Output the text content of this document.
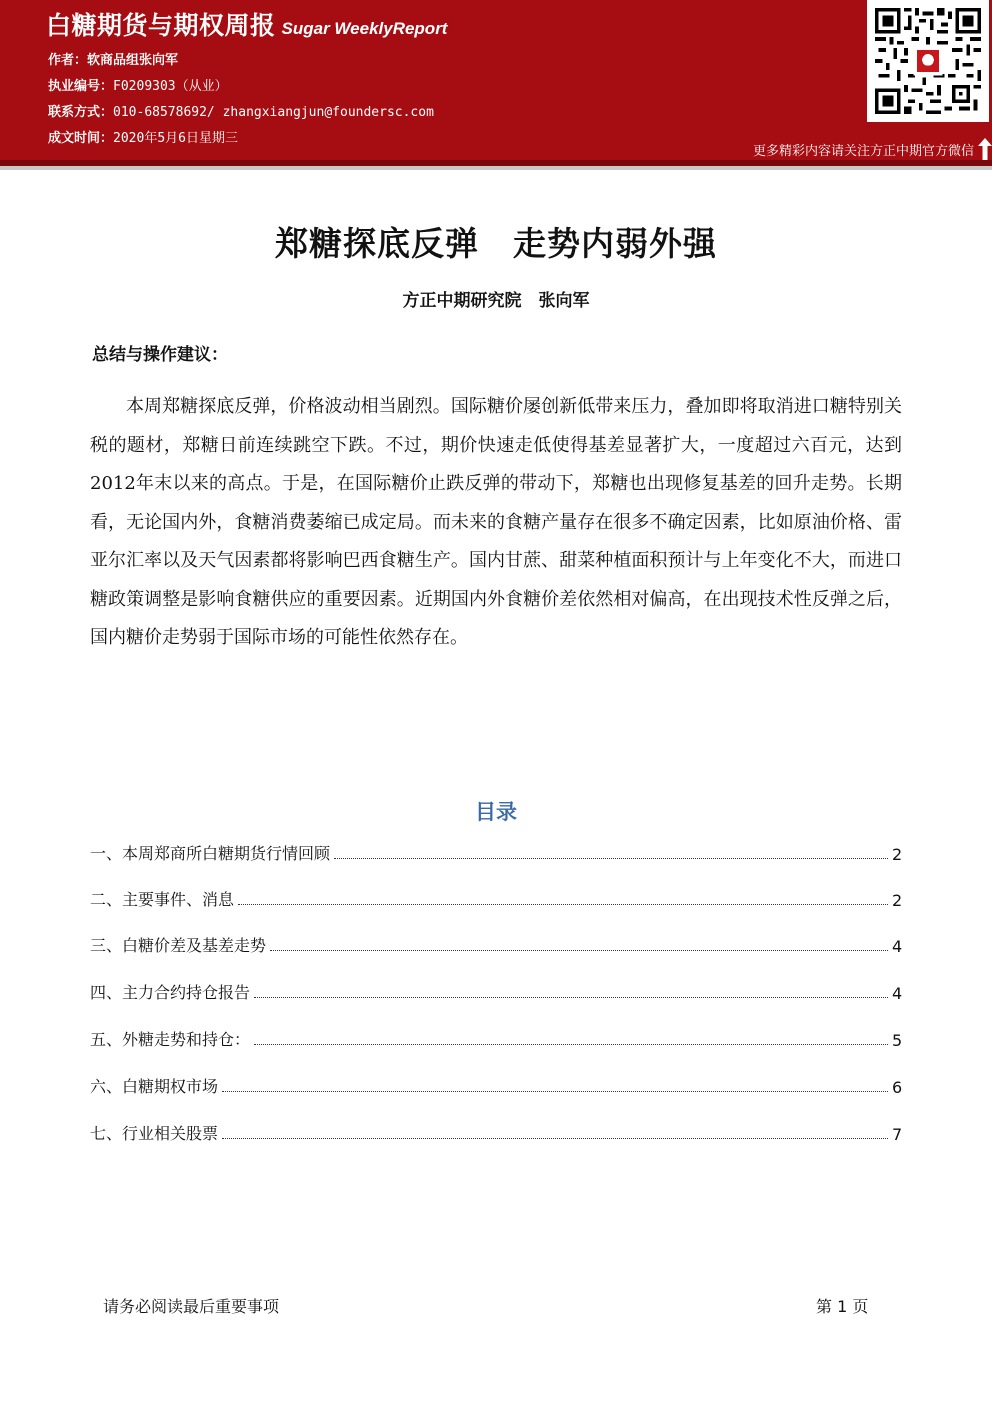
白糖期货与期权周报 Sugar WeeklyReport
作者：软商品组张向军
执业编号：F0209303（从业）
联系方式：010-68578692/ zhangxiangjun@foundersc.com
成文时间：2020年5月6日星期三
更多精彩内容请关注方正中期官方微信
郑糖探底反弹　走势内弱外强
方正中期研究院　张向军
总结与操作建议：
本周郑糖探底反弹，价格波动相当剧烈。国际糖价屡创新低带来压力，叠加即将取消进口糖特别关税的题材，郑糖日前连续跳空下跌。不过，期价快速走低使得基差显著扩大，一度超过六百元，达到2012年末以来的高点。于是，在国际糖价止跌反弹的带动下，郑糖也出现修复基差的回升走势。长期看，无论国内外，食糖消费萎缩已成定局。而未来的食糖产量存在很多不确定因素，比如原油价格、雷亚尔汇率以及天气因素都将影响巴西食糖生产。国内甘蔗、甜菜种植面积预计与上年变化不大，而进口糖政策调整是影响食糖供应的重要因素。近期国内外食糖价差依然相对偏高，在出现技术性反弹之后，国内糖价走势弱于国际市场的可能性依然存在。
目录
一、本周郑商所白糖期货行情回顾	2
二、主要事件、消息	2
三、白糖价差及基差走势	4
四、主力合约持仓报告	4
五、外糖走势和持仓：	5
六、白糖期权市场	6
七、行业相关股票	7
请务必阅读最后重要事项	第 1 页
